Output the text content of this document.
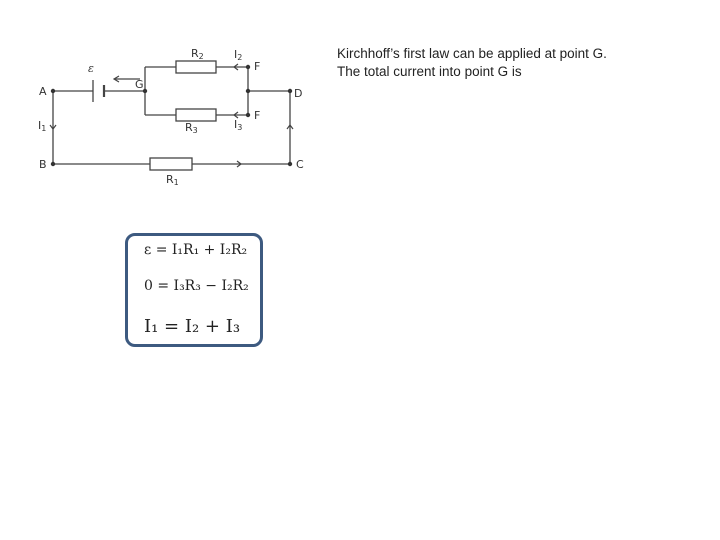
ε
A
B
G
D
C
F
F
R2
R3
R1
I2
I3
I1
ε = I₁R₁ + I₂R₂
0 = I₃R₃ − I₂R₂
I₁ = I₂ + I₃
Kirchhoff’s first law can be applied at point G.
The total current into point G is
